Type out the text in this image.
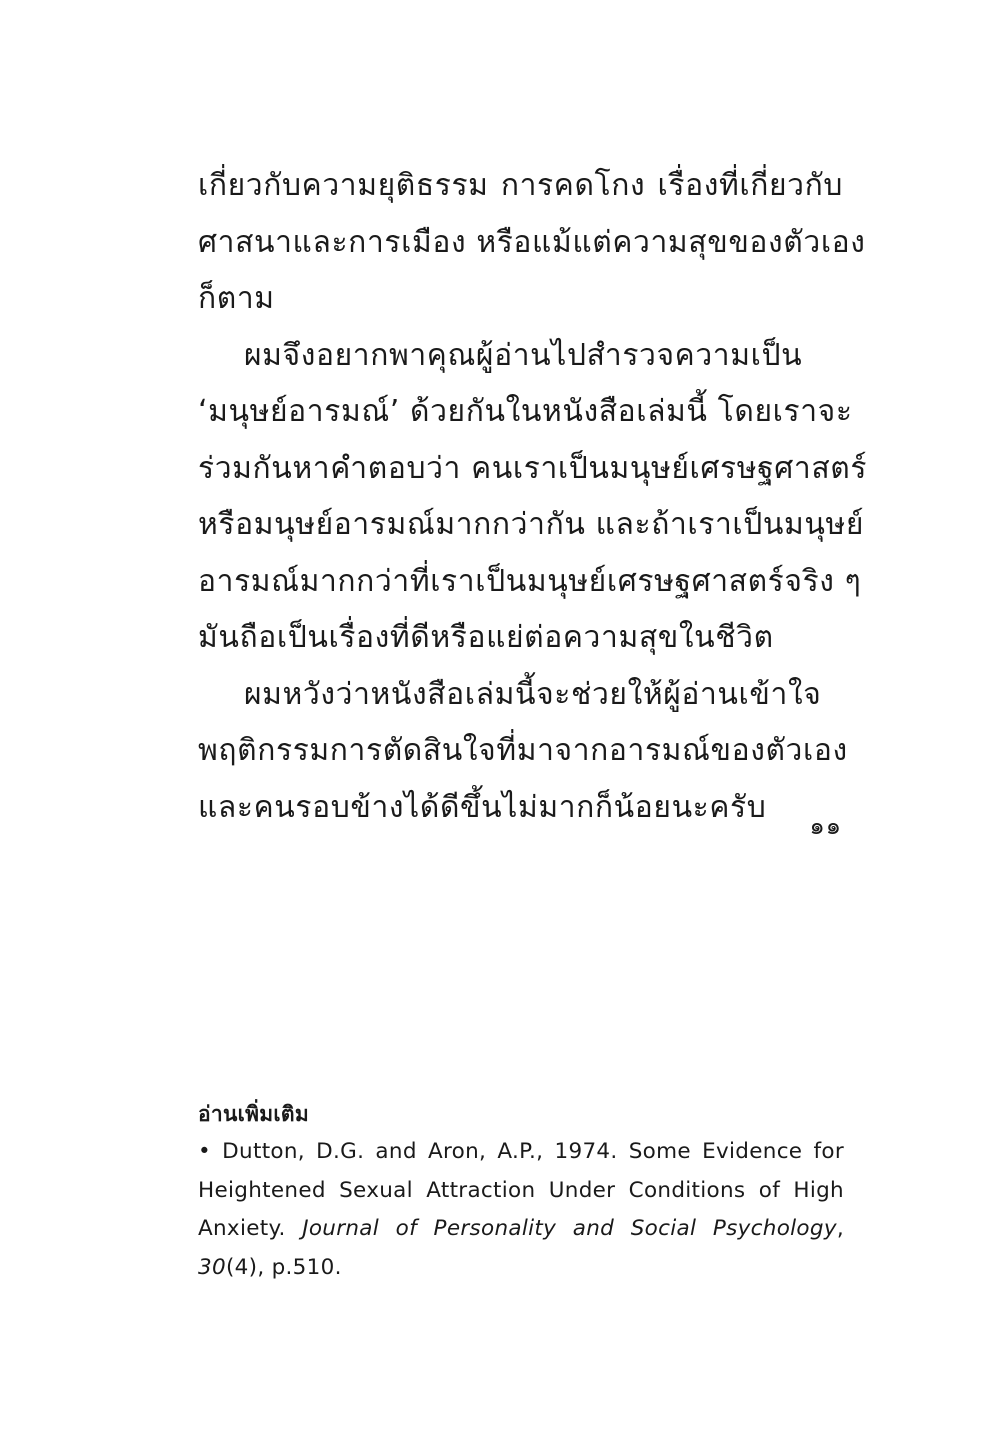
เกี่ยวกับความยุติธรรม การคดโกง เรื่องที่เกี่ยวกับ
ศาสนาและการเมือง หรือแม้แต่ความสุขของตัวเอง
ก็ตาม
ผมจึงอยากพาคุณผู้อ่านไปสำรวจความเป็น
‘มนุษย์อารมณ์’ ด้วยกันในหนังสือเล่มนี้ โดยเราจะ
ร่วมกันหาคำตอบว่า คนเราเป็นมนุษย์เศรษฐศาสตร์
หรือมนุษย์อารมณ์มากกว่ากัน และถ้าเราเป็นมนุษย์
อารมณ์มากกว่าที่เราเป็นมนุษย์เศรษฐศาสตร์จริง ๆ
มันถือเป็นเรื่องที่ดีหรือแย่ต่อความสุขในชีวิต
ผมหวังว่าหนังสือเล่มนี้จะช่วยให้ผู้อ่านเข้าใจ
พฤติกรรมการตัดสินใจที่มาจากอารมณ์ของตัวเอง
และคนรอบข้างได้ดีขึ้นไม่มากก็น้อยนะครับ
๑๑
อ่านเพิ่มเติม
• Dutton, D.G. and Aron, A.P., 1974. Some Evidence for
Heightened Sexual Attraction Under Conditions of High
Anxiety. Journal of Personality and Social Psychology,
30(4), p.510.
